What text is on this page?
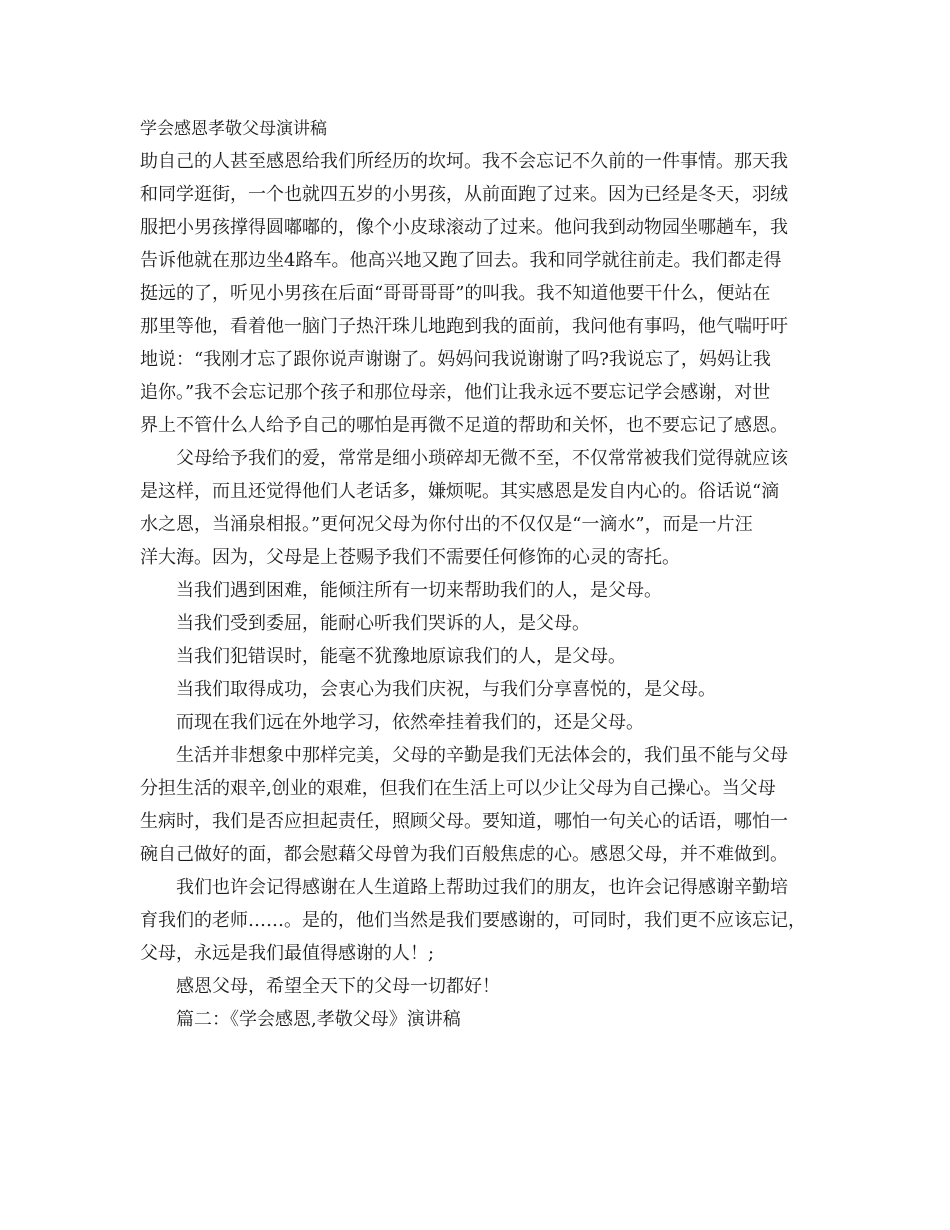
学会感恩孝敬父母演讲稿
助自己的人甚至感恩给我们所经历的坎坷。我不会忘记不久前的一件事情。那天我
和同学逛街，一个也就四五岁的小男孩，从前面跑了过来。因为已经是冬天，羽绒
服把小男孩撑得圆嘟嘟的，像个小皮球滚动了过来。他问我到动物园坐哪趟车，我
告诉他就在那边坐4路车。他高兴地又跑了回去。我和同学就往前走。我们都走得
挺远的了，听见小男孩在后面“哥哥哥哥”的叫我。我不知道他要干什么，便站在
那里等他，看着他一脑门子热汗珠儿地跑到我的面前，我问他有事吗，他气喘吁吁
地说：“我刚才忘了跟你说声谢谢了。妈妈问我说谢谢了吗?我说忘了，妈妈让我
追你。”我不会忘记那个孩子和那位母亲，他们让我永远不要忘记学会感谢，对世
界上不管什么人给予自己的哪怕是再微不足道的帮助和关怀，也不要忘记了感恩。
父母给予我们的爱，常常是细小琐碎却无微不至，不仅常常被我们觉得就应该
是这样，而且还觉得他们人老话多，嫌烦呢。其实感恩是发自内心的。俗话说“滴
水之恩，当涌泉相报。”更何况父母为你付出的不仅仅是“一滴水”，而是一片汪
洋大海。因为，父母是上苍赐予我们不需要任何修饰的心灵的寄托。
当我们遇到困难，能倾注所有一切来帮助我们的人，是父母。
当我们受到委屈，能耐心听我们哭诉的人，是父母。
当我们犯错误时，能毫不犹豫地原谅我们的人，是父母。
当我们取得成功，会衷心为我们庆祝，与我们分享喜悦的，是父母。
而现在我们远在外地学习，依然牵挂着我们的，还是父母。
生活并非想象中那样完美，父母的辛勤是我们无法体会的，我们虽不能与父母
分担生活的艰辛,创业的艰难，但我们在生活上可以少让父母为自己操心。当父母
生病时，我们是否应担起责任，照顾父母。要知道，哪怕一句关心的话语，哪怕一
碗自己做好的面，都会慰藉父母曾为我们百般焦虑的心。感恩父母，并不难做到。
我们也许会记得感谢在人生道路上帮助过我们的朋友，也许会记得感谢辛勤培
育我们的老师……。是的，他们当然是我们要感谢的，可同时，我们更不应该忘记，
父母，永远是我们最值得感谢的人！;
感恩父母，希望全天下的父母一切都好！
篇二：《学会感恩,孝敬父母》演讲稿
